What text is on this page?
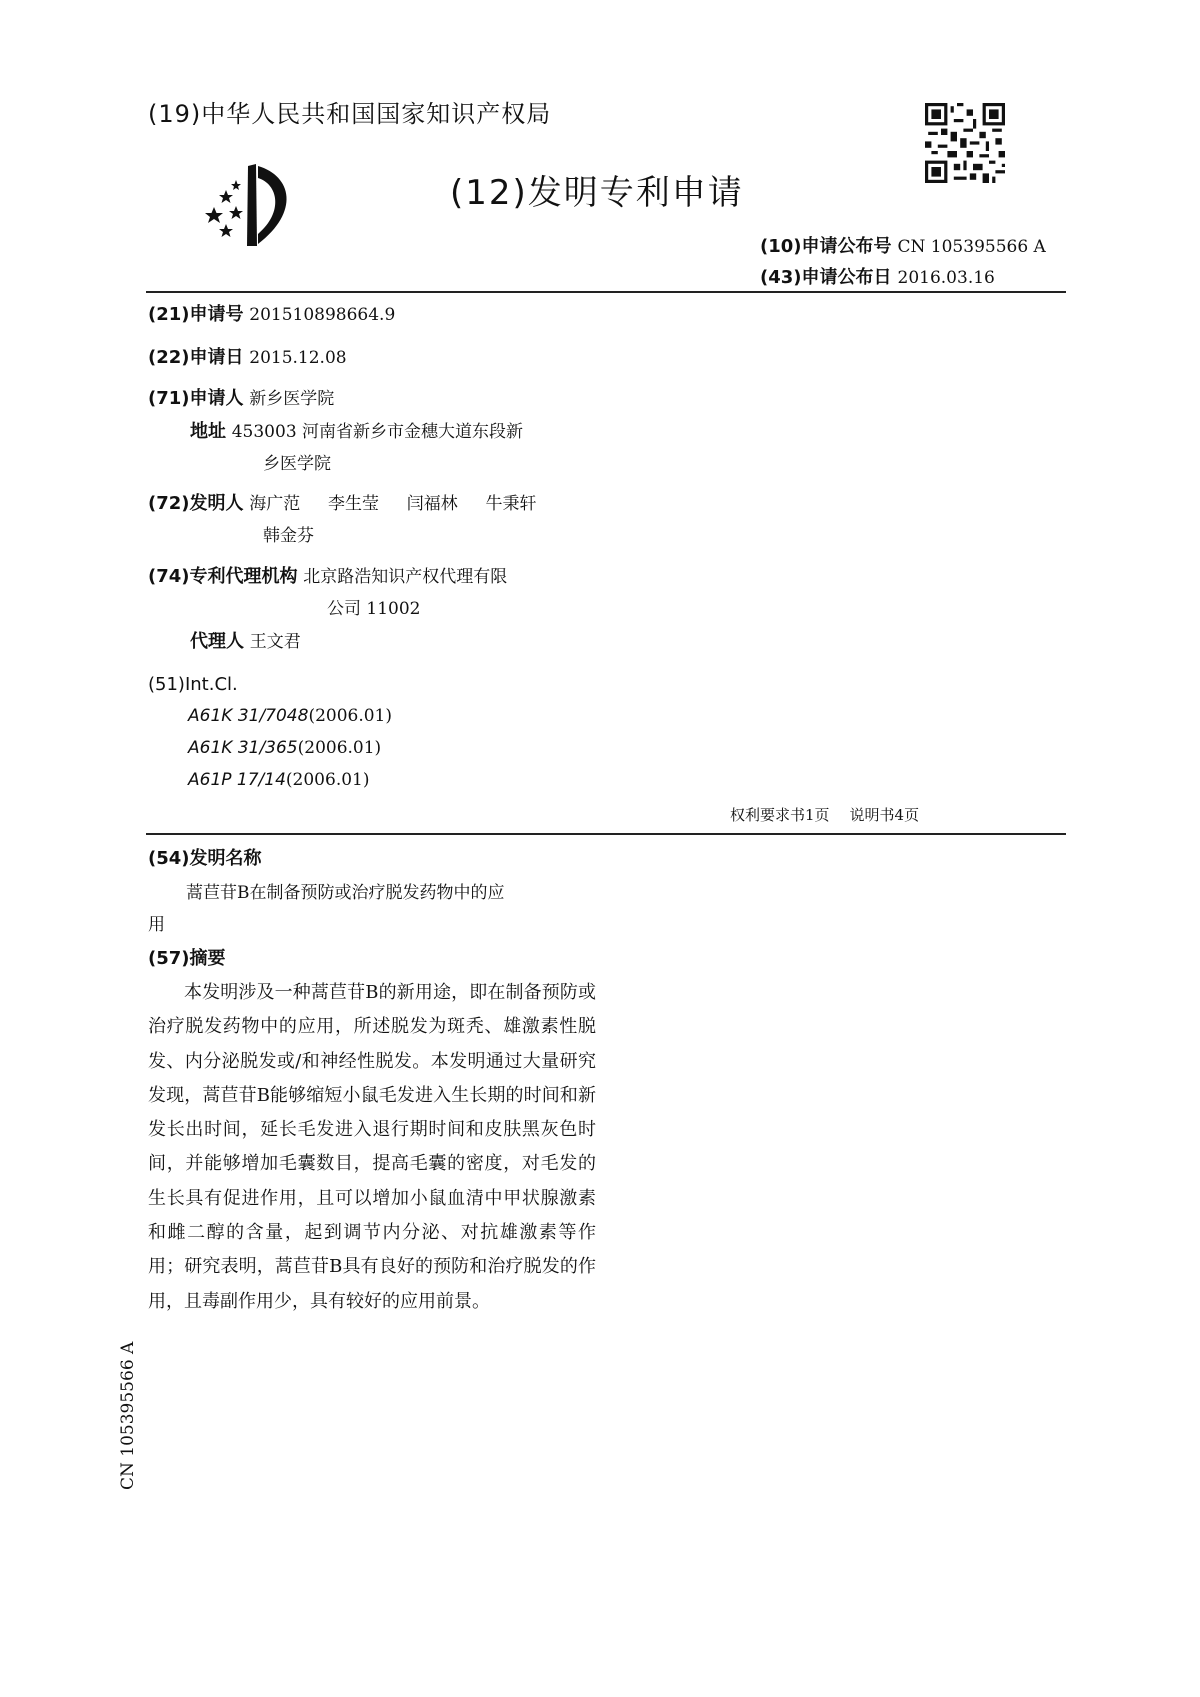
(19)中华人民共和国国家知识产权局
(12)发明专利申请
(10)申请公布号 CN 105395566 A
(43)申请公布日 2016.03.16
(21)申请号 201510898664.9
(22)申请日 2015.12.08
(71)申请人 新乡医学院
地址 453003 河南省新乡市金穗大道东段新
乡医学院
(72)发明人 海广范 李生莹 闫福林 牛秉轩
韩金芬
(74)专利代理机构 北京路浩知识产权代理有限
公司 11002
代理人 王文君
(51)Int.Cl.
A61K 31/7048(2006.01)
A61K 31/365(2006.01)
A61P 17/14(2006.01)
权利要求书1页 说明书4页
(54)发明名称
蒿苣苷B在制备预防或治疗脱发药物中的应
用
(57)摘要
本发明涉及一种蒿苣苷B的新用途，即在制备预防或治疗脱发药物中的应用，所述脱发为斑秃、雄激素性脱发、内分泌脱发或/和神经性脱发。本发明通过大量研究发现，蒿苣苷B能够缩短小鼠毛发进入生长期的时间和新发长出时间，延长毛发进入退行期时间和皮肤黑灰色时间，并能够增加毛囊数目，提高毛囊的密度，对毛发的生长具有促进作用，且可以增加小鼠血清中甲状腺激素和雌二醇的含量，起到调节内分泌、对抗雄激素等作用；研究表明，蒿苣苷B具有良好的预防和治疗脱发的作用，且毒副作用少，具有较好的应用前景。
CN 105395566 A
